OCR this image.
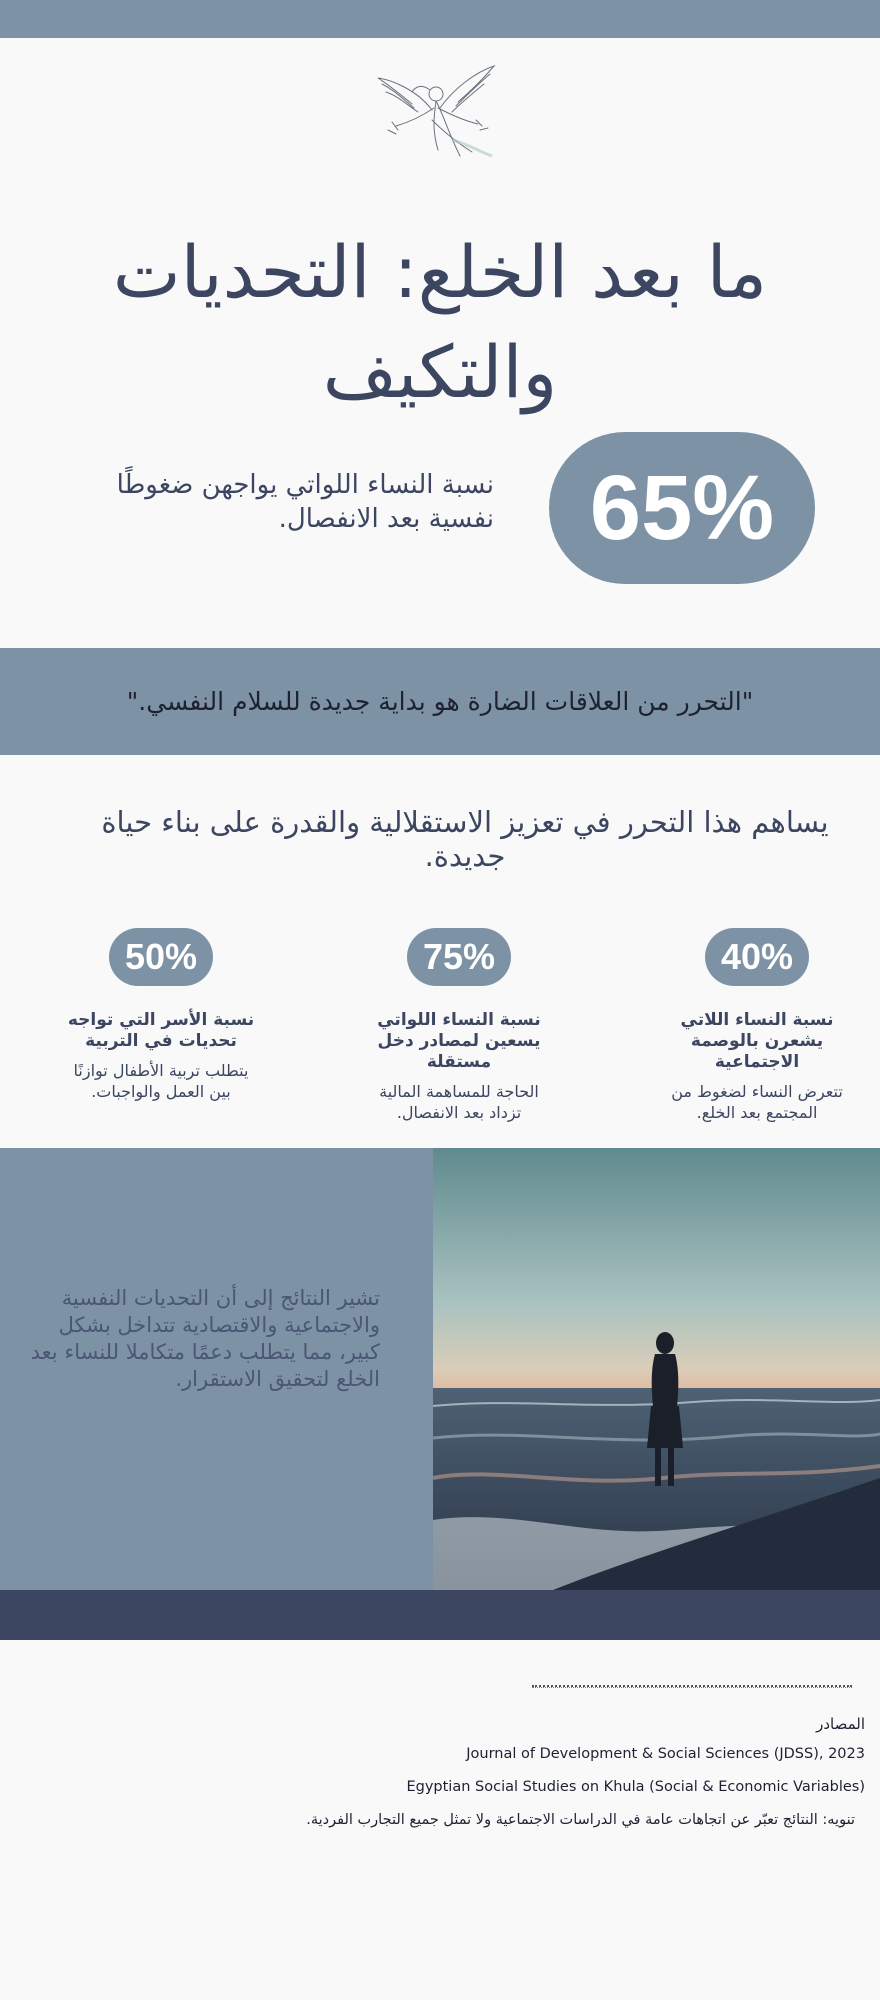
ما بعد الخلع: التحديات والتكيف
65%

نسبة النساء اللواتي يواجهن ضغوطًا نفسية بعد الانفصال.

"التحرر من العلاقات الضارة هو بداية جديدة للسلام النفسي."

يساهم هذا التحرر في تعزيز الاستقلالية والقدرة على بناء حياة جديدة.

40%
نسبة النساء اللاتي يشعرن بالوصمة الاجتماعية
تتعرض النساء لضغوط من المجتمع بعد الخلع.
75%
نسبة النساء اللواتي يسعين لمصادر دخل مستقلة
الحاجة للمساهمة المالية تزداد بعد الانفصال.
50%
نسبة الأسر التي تواجه تحديات في التربية
يتطلب تربية الأطفال توازنًا بين العمل والواجبات.

تشير النتائج إلى أن التحديات النفسية والاجتماعية والاقتصادية تتداخل بشكل كبير، مما يتطلب دعمًا متكاملا للنساء بعد الخلع لتحقيق الاستقرار.

المصادر
Journal of Development & Social Sciences (JDSS), 2023
Egyptian Social Studies on Khula (Social & Economic Variables)
تنويه: النتائج تعبّر عن اتجاهات عامة في الدراسات الاجتماعية ولا تمثل جميع التجارب الفردية.
